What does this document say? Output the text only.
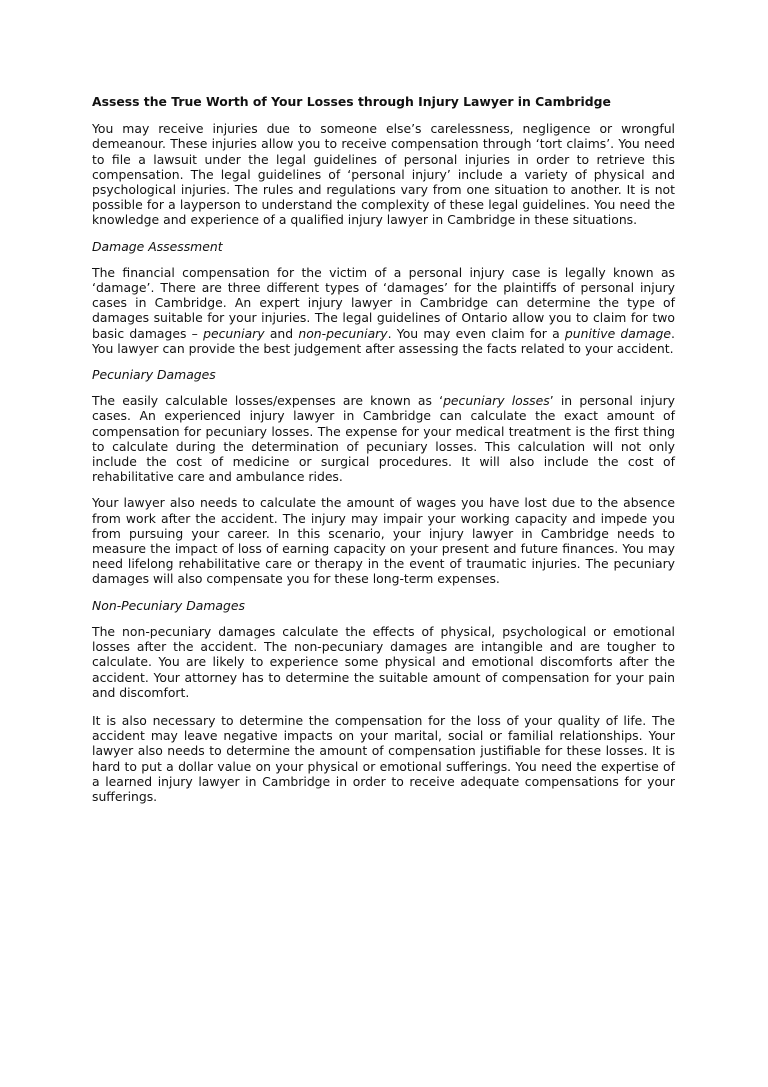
Assess the True Worth of Your Losses through Injury Lawyer in Cambridge

You may receive injuries due to someone else’s carelessness, negligence or wrongful demeanour. These injuries allow you to receive compensation through ‘tort claims’. You need to file a lawsuit under the legal guidelines of personal injuries in order to retrieve this compensation. The legal guidelines of ‘personal injury’ include a variety of physical and psychological injuries. The rules and regulations vary from one situation to another. It is not possible for a layperson to understand the complexity of these legal guidelines. You need the knowledge and experience of a qualified injury lawyer in Cambridge in these situations.

Damage Assessment

The financial compensation for the victim of a personal injury case is legally known as ‘damage’. There are three different types of ‘damages’ for the plaintiffs of personal injury cases in Cambridge. An expert injury lawyer in Cambridge can determine the type of damages suitable for your injuries. The legal guidelines of Ontario allow you to claim for two basic damages – pecuniary and non-pecuniary. You may even claim for a punitive damage. You lawyer can provide the best judgement after assessing the facts related to your accident.

Pecuniary Damages

The easily calculable losses/expenses are known as ‘pecuniary losses’ in personal injury cases. An experienced injury lawyer in Cambridge can calculate the exact amount of compensation for pecuniary losses. The expense for your medical treatment is the first thing to calculate during the determination of pecuniary losses. This calculation will not only include the cost of medicine or surgical procedures. It will also include the cost of rehabilitative care and ambulance rides.

Your lawyer also needs to calculate the amount of wages you have lost due to the absence from work after the accident. The injury may impair your working capacity and impede you from pursuing your career. In this scenario, your injury lawyer in Cambridge needs to measure the impact of loss of earning capacity on your present and future finances. You may need lifelong rehabilitative care or therapy in the event of traumatic injuries. The pecuniary damages will also compensate you for these long-term expenses.

Non-Pecuniary Damages

The non-pecuniary damages calculate the effects of physical, psychological or emotional losses after the accident. The non-pecuniary damages are intangible and are tougher to calculate. You are likely to experience some physical and emotional discomforts after the accident. Your attorney has to determine the suitable amount of compensation for your pain and discomfort.

It is also necessary to determine the compensation for the loss of your quality of life. The accident may leave negative impacts on your marital, social or familial relationships. Your lawyer also needs to determine the amount of compensation justifiable for these losses. It is hard to put a dollar value on your physical or emotional sufferings. You need the expertise of a learned injury lawyer in Cambridge in order to receive adequate compensations for your sufferings.
